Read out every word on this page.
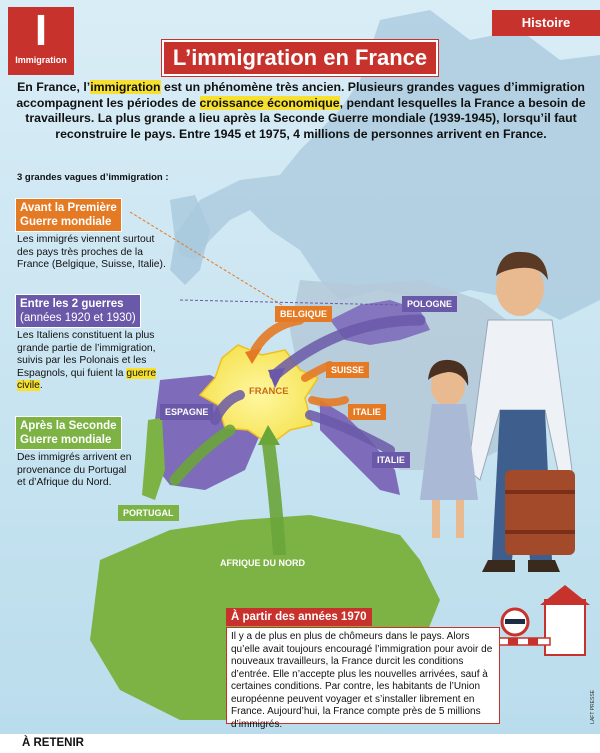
I
Immigration
Histoire
L’immigration en France
En France, l’immigration est un phénomène très ancien. Plusieurs grandes vagues d’immigration accompagnent les périodes de croissance économique, pendant lesquelles la France a besoin de travailleurs. La plus grande a lieu après la Seconde Guerre mondiale (1939-1945), lorsqu’il faut reconstruire le pays. Entre 1945 et 1975, 4 millions de personnes arrivent en France.
3 grandes vagues d’immigration :
Avant la Première
Guerre mondiale
Les immigrés viennent surtout des pays très proches de la France (Belgique, Suisse, Italie).
Entre les 2 guerres
(années 1920 et 1930)
Les Italiens constituent la plus grande partie de l’immigration, suivis par les Polonais et les Espagnols, qui fuient la guerre civile.
Après la Seconde
Guerre mondiale
Des immigrés arrivent en provenance du Portugal et d’Afrique du Nord.
FRANCE
BELGIQUE
SUISSE
ITALIE
POLOGNE
ESPAGNE
ITALIE
PORTUGAL
AFRIQUE DU NORD
À partir des années 1970
Il y a de plus en plus de chômeurs dans le pays. Alors qu’elle avait toujours encouragé l’immigration pour avoir de nouveaux travailleurs, la France durcit les conditions d’entrée. Elle n’accepte plus les nouvelles arrivées, sauf à certaines conditions. Par contre, les habitants de l’Union européenne peuvent voyager et s’installer librement en France. Aujourd’hui, la France compte près de 5 millions d’immigrés.
À RETENIR
LAFT PRESSE
